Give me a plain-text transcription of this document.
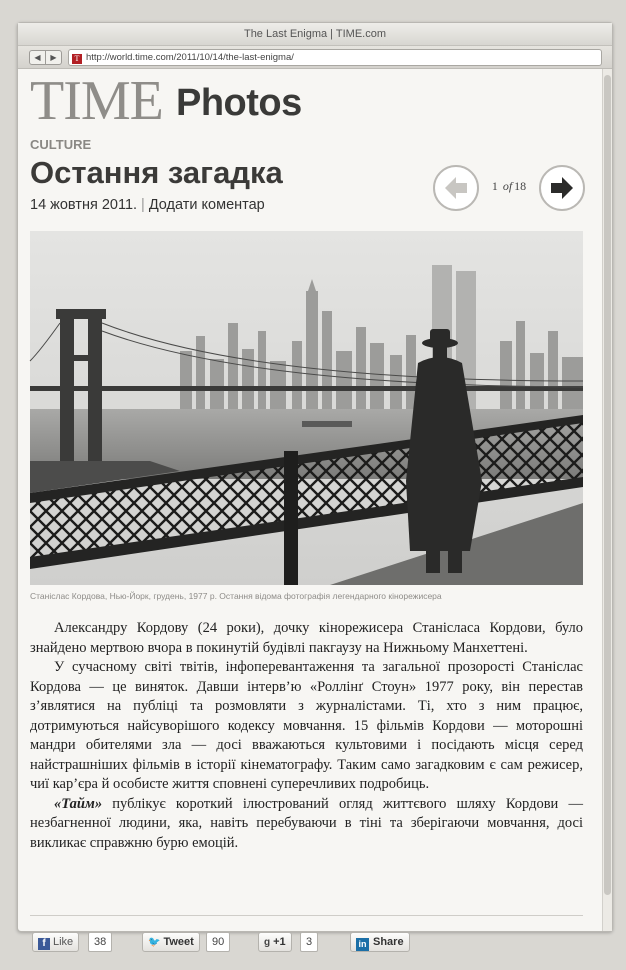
The Last Enigma | TIME.com
◀	▶	T http://world.time.com/2011/10/14/the-last-enigma/
TIME Photos
CULTURE
Остання загадка
14 жовтня 2011. | Додати коментар
1 of 18
Станіслас Кордова, Нью-Йорк, грудень, 1977 р. Остання відома фотографія легендарного кінорежисера

Александру Кордову (24 роки), дочку кінорежисера Станісласа Кордови, було знайдено мертвою вчора в покинутій будівлі пакгаузу на Нижньому Манхеттені.

У сучасному світі твітів, інфоперевантаження та загальної прозорості Станіслас Кордова — це виняток. Давши інтерв’ю «Роллінґ Стоун» 1977 року, він перестав з’являтися на публіці та розмовляти з журналістами. Ті, хто з ним працює, дотримуються найсуворішого кодексу мовчання. 15 фільмів Кордови — моторошні мандри обителями зла — досі вважаються культовими і посідають місця серед найстрашніших фільмів в історії кінематографу. Таким само загадковим є сам режисер, чиї кар’єра й особисте життя сповнені суперечливих подробиць.

«Тайм» публікує короткий ілюстрований огляд життєвого шляху Кордови — незбагненної людини, яка, навіть перебуваючи в тіні та зберігаючи мовчання, досі викликає справжню бурю емоцій.

f Like	38	🐦 Tweet	90	g +1	3	in Share
